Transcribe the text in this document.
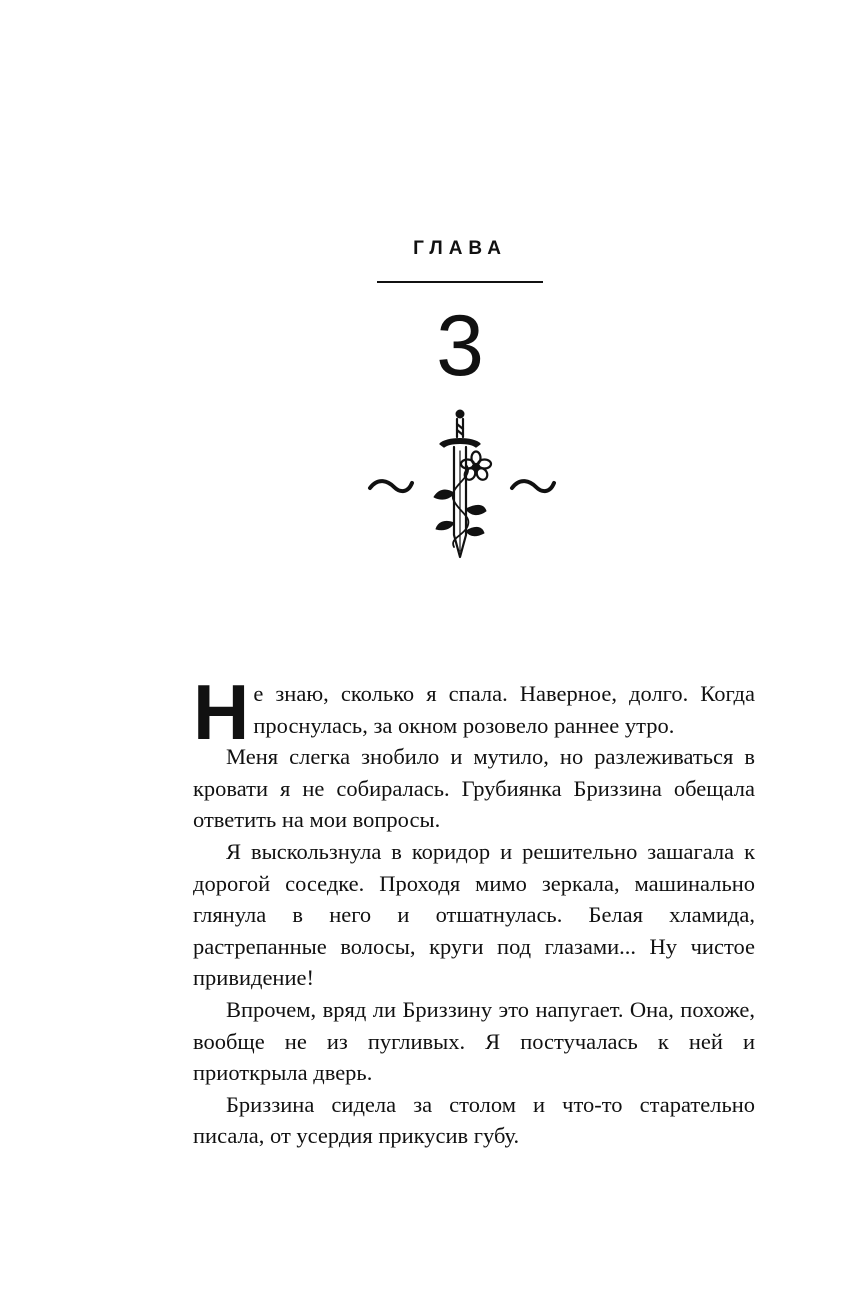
ГЛАВА
3

Не знаю, сколько я спала. Наверное, долго. Когда проснулась, за окном розовело раннее утро.

Меня слегка знобило и мутило, но разлеживаться в кровати я не собиралась. Грубиянка Бриззина обещала ответить на мои вопросы.

Я выскользнула в коридор и решительно зашагала к дорогой соседке. Проходя мимо зеркала, машинально глянула в него и отшатнулась. Белая хламида, растрепанные волосы, круги под глазами... Ну чистое привидение!

Впрочем, вряд ли Бриззину это напугает. Она, похоже, вообще не из пугливых. Я постучалась к ней и приоткрыла дверь.

Бриззина сидела за столом и что-то старательно писала, от усердия прикусив губу.
